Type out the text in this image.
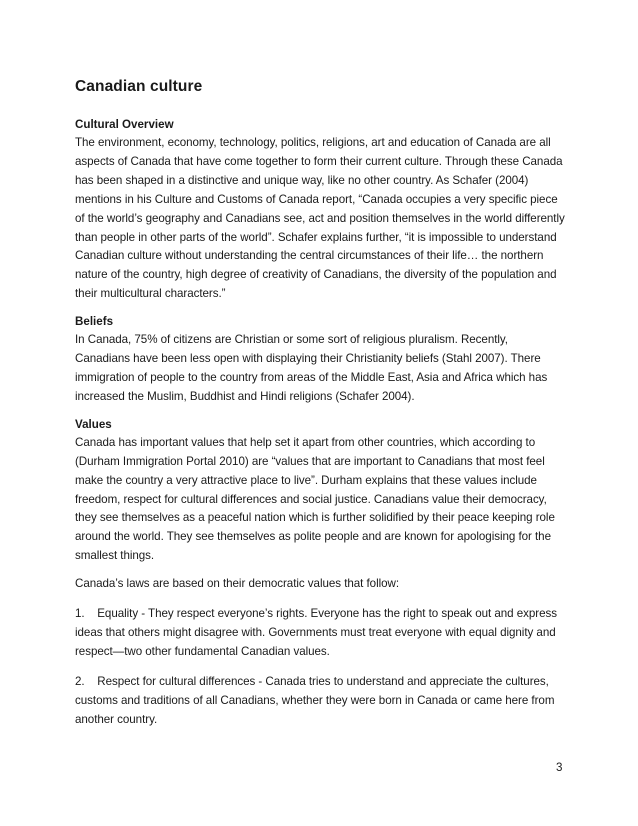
Canadian culture
Cultural Overview
The environment, economy, technology, politics, religions, art and education of Canada are all aspects of Canada that have come together to form their current culture. Through these Canada has been shaped in a distinctive and unique way, like no other country. As Schafer (2004) mentions in his Culture and Customs of Canada report, “Canada occupies a very specific piece of the world’s geography and Canadians see, act and position themselves in the world differently than people in other parts of the world”. Schafer explains further, “it is impossible to understand Canadian culture without understanding the central circumstances of their life… the northern nature of the country, high degree of creativity of Canadians, the diversity of the population and their multicultural characters.”
Beliefs
In Canada, 75% of citizens are Christian or some sort of religious pluralism. Recently, Canadians have been less open with displaying their Christianity beliefs (Stahl 2007). There immigration of people to the country from areas of the Middle East, Asia and Africa which has increased the Muslim, Buddhist and Hindi religions (Schafer 2004).
Values
Canada has important values that help set it apart from other countries, which according to (Durham Immigration Portal 2010) are “values that are important to Canadians that most feel make the country a very attractive place to live”. Durham explains that these values include freedom, respect for cultural differences and social justice. Canadians value their democracy, they see themselves as a peaceful nation which is further solidified by their peace keeping role around the world. They see themselves as polite people and are known for apologising for the smallest things.
Canada’s laws are based on their democratic values that follow:
1.    Equality - They respect everyone’s rights. Everyone has the right to speak out and express ideas that others might disagree with. Governments must treat everyone with equal dignity and respect—two other fundamental Canadian values.
2.    Respect for cultural differences - Canada tries to understand and appreciate the cultures, customs and traditions of all Canadians, whether they were born in Canada or came here from another country.
3
